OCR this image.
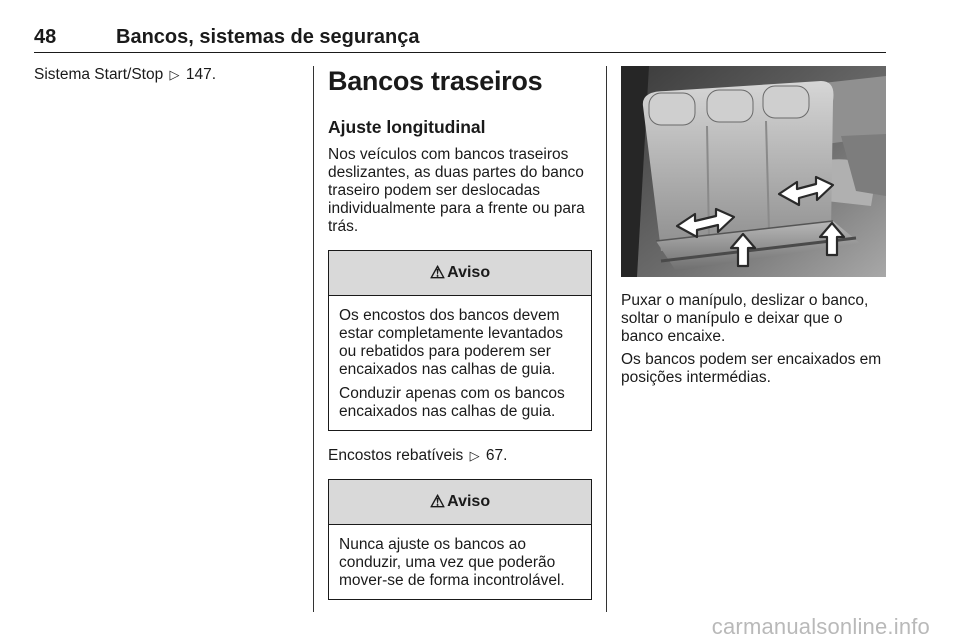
48	Bancos, sistemas de segurança

Sistema Start/Stop ▷ 147.	Bancos traseiros
Ajuste longitudinal

Nos veículos com bancos traseiros deslizantes, as duas partes do banco traseiro podem ser deslocadas individualmente para a frente ou para trás.

⚠ Aviso

Os encostos dos bancos devem estar completamente levantados ou rebatidos para poderem ser encaixados nas calhas de guia.

Conduzir apenas com os bancos encaixados nas calhas de guia.

Encostos rebatíveis ▷ 67.

⚠ Aviso

Nunca ajuste os bancos ao conduzir, uma vez que poderão mover-se de forma incontrolável.

Puxar o manípulo, deslizar o banco, soltar o manípulo e deixar que o banco encaixe.

Os bancos podem ser encaixados em posições intermédias.

carmanualsonline.info
